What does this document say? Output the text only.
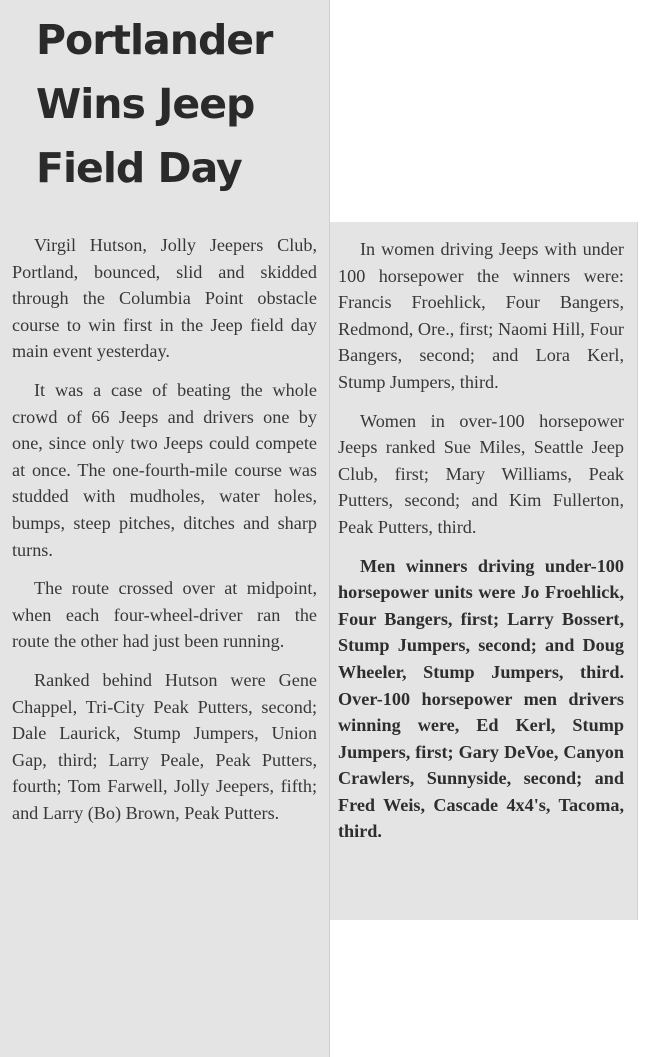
Portlander
Wins Jeep
Field Day

Virgil Hutson, Jolly Jeepers Club, Portland, bounced, slid and skidded through the Columbia Point obstacle course to win first in the Jeep field day main event yesterday.

It was a case of beating the whole crowd of 66 Jeeps and drivers one by one, since only two Jeeps could compete at once. The one-fourth-mile course was studded with mudholes, water holes, bumps, steep pitches, ditches and sharp turns.

The route crossed over at midpoint, when each four-wheel-driver ran the route the other had just been running.

Ranked behind Hutson were Gene Chappel, Tri-City Peak Putters, second; Dale Laurick, Stump Jumpers, Union Gap, third; Larry Peale, Peak Putters, fourth; Tom Farwell, Jolly Jeepers, fifth; and Larry (Bo) Brown, Peak Putters.

In women driving Jeeps with under 100 horsepower the winners were: Francis Froehlick, Four Bangers, Redmond, Ore., first; Naomi Hill, Four Bangers, second; and Lora Kerl, Stump Jumpers, third.

Women in over-100 horsepower Jeeps ranked Sue Miles, Seattle Jeep Club, first; Mary Williams, Peak Putters, second; and Kim Fullerton, Peak Putters, third.

Men winners driving under-100 horsepower units were Jo Froehlick, Four Bangers, first; Larry Bossert, Stump Jumpers, second; and Doug Wheeler, Stump Jumpers, third. Over-100 horsepower men drivers winning were, Ed Kerl, Stump Jumpers, first; Gary DeVoe, Canyon Crawlers, Sunnyside, second; and Fred Weis, Cascade 4x4's, Tacoma, third.
